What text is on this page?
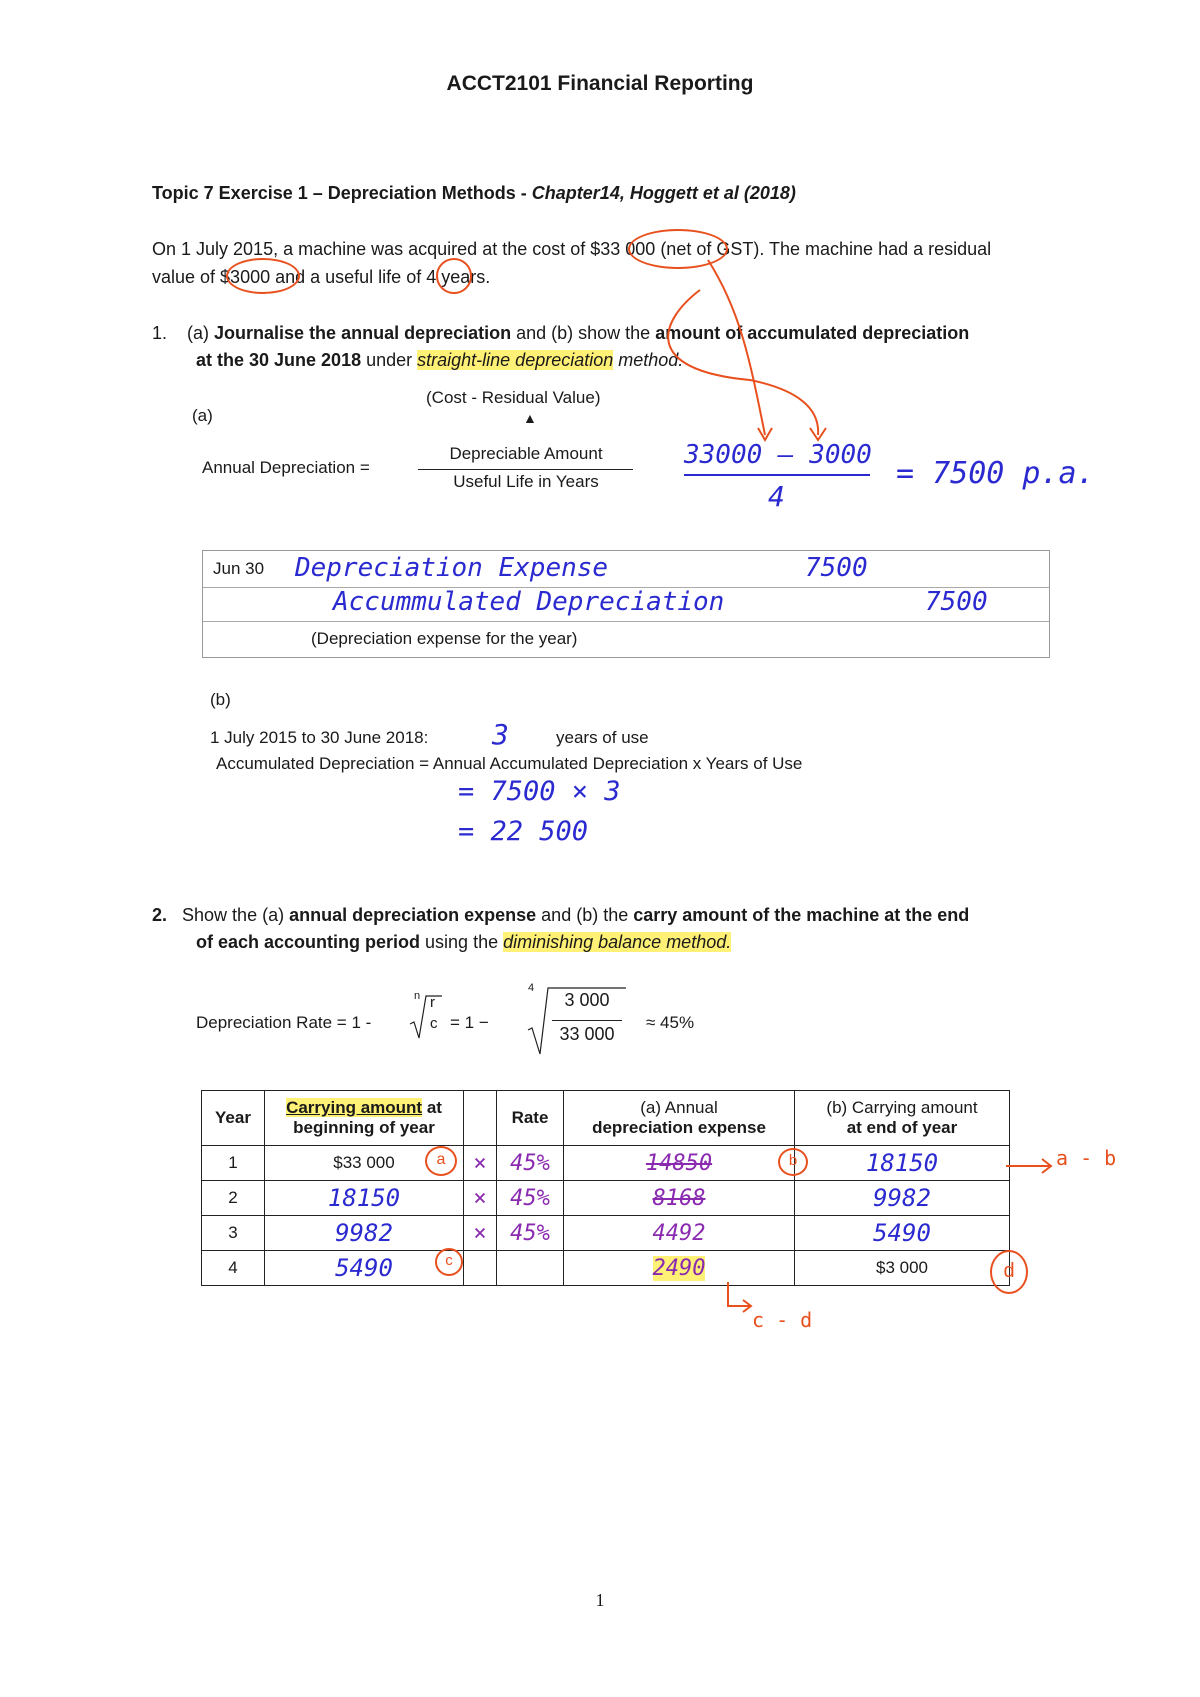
ACCT2101 Financial Reporting
Topic 7 Exercise 1 – Depreciation Methods - Chapter14, Hoggett et al (2018)
On 1 July 2015, a machine was acquired at the cost of $33 000 (net of GST). The machine had a residual
value of $3000 and a useful life of 4 years.
1. (a) Journalise the annual depreciation and (b) show the amount of accumulated depreciation
at the 30 June 2018 under straight-line depreciation method.
(a)
(Cost - Residual Value)
▲
Annual Depreciation =
Depreciable Amount
Useful Life in Years
33000 – 3000
4
= 7500 p.a.
Jun 30 Depreciation Expense	7500
Accummulated Depreciation	7500
(Depreciation expense for the year)
(b)
1 July 2015 to 30 June 2018: 3	years of use
Accumulated Depreciation = Annual Accumulated Depreciation x Years of Use
= 7500 × 3
= 22 500
2. Show the (a) annual depreciation expense and (b) the carry amount of the machine at the end
of each accounting period using the diminishing balance method.
Depreciation Rate = 1 -
n r
c = 1 −
4
3 000
33 000
≈ 45%
Year	Carrying amount at
beginning of year		Rate	(a) Annual
depreciation expense	(b) Carrying amount
at end of year
1	$33 000	×	45%	14850	18150
2	18150	×	45%	8168	9982
3	9982	×	45%	4492	5490
4	5490			2490	$3 000
a	b
c	d
a - b
c - d
1
